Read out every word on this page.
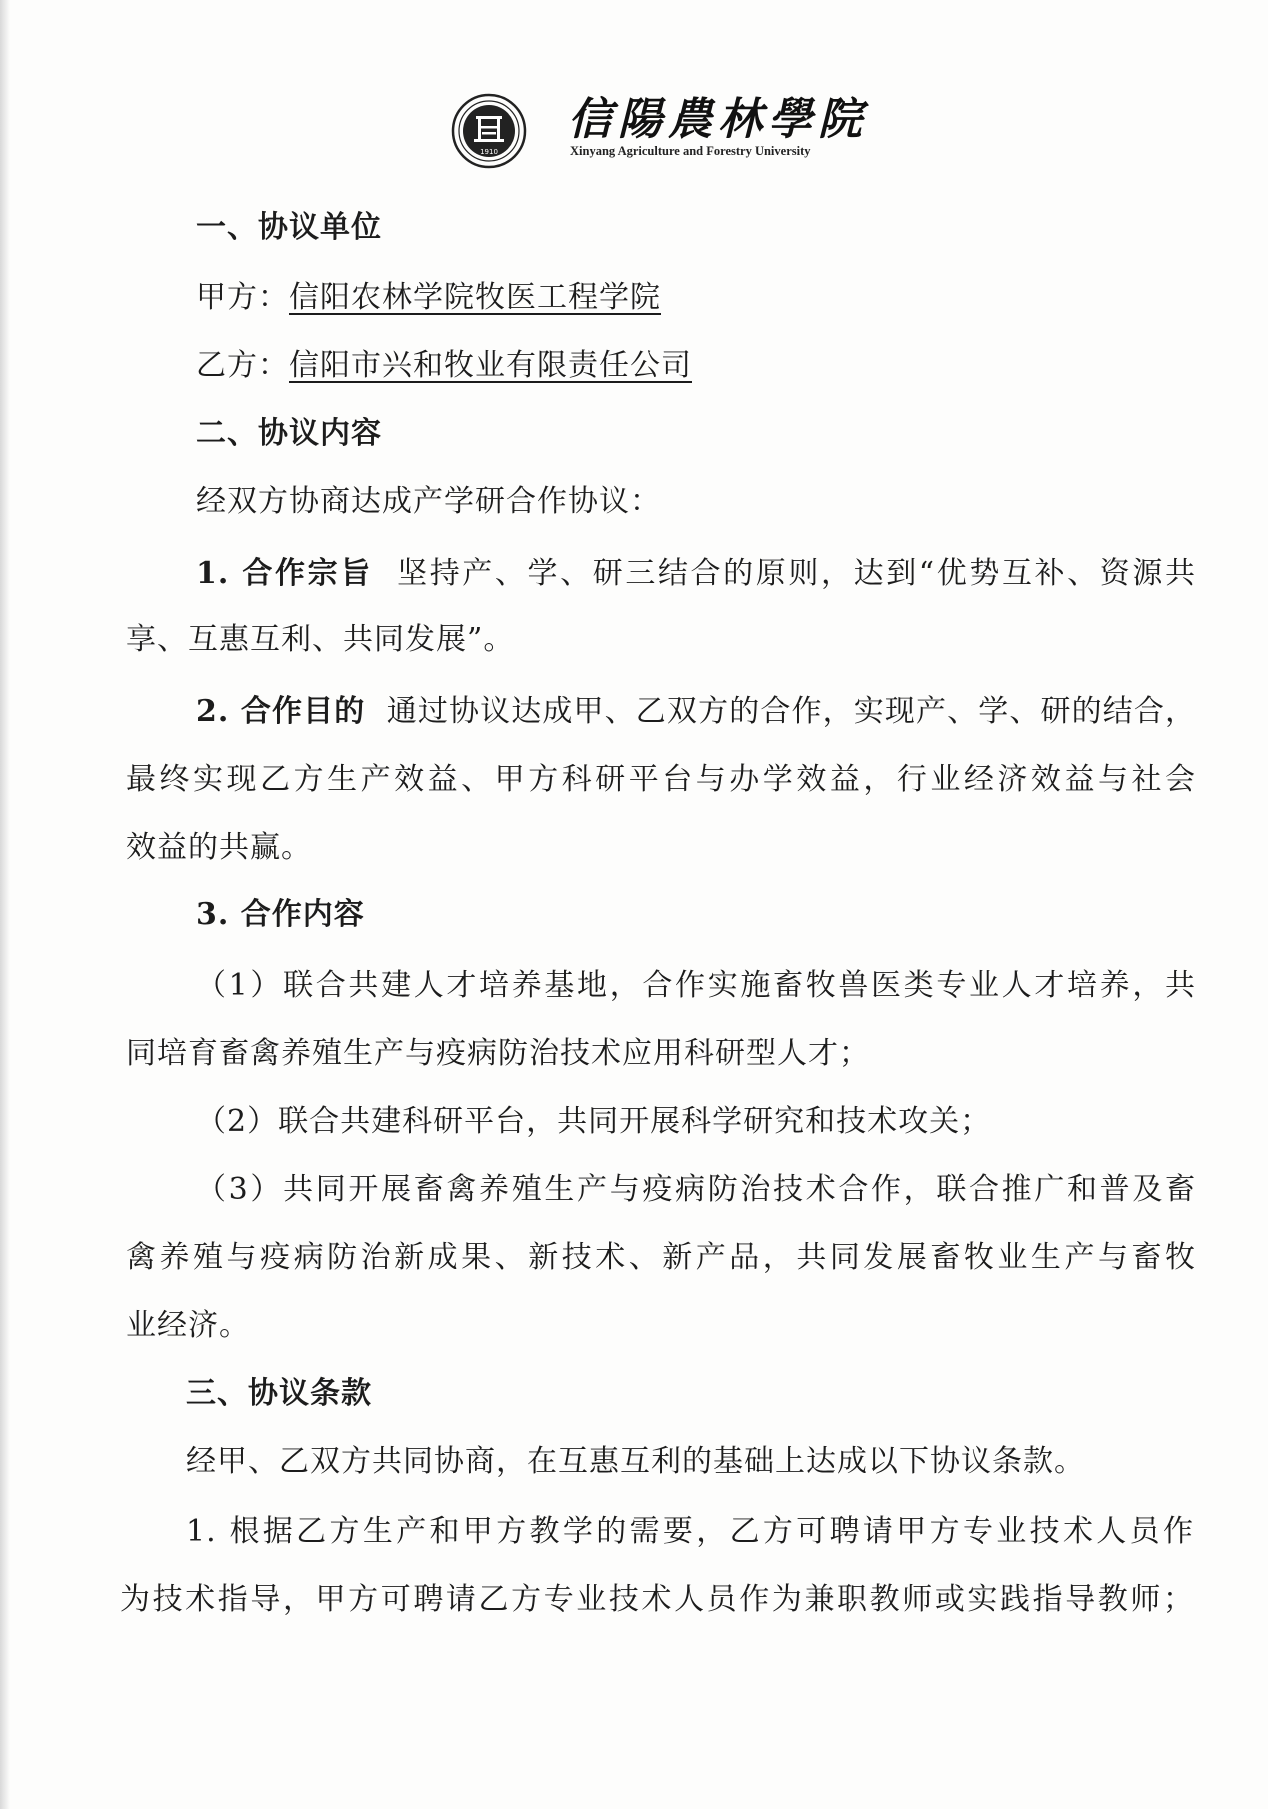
1910
信陽農林學院
Xinyang Agriculture and Forestry University
一、协议单位
甲方：信阳农林学院牧医工程学院
乙方：信阳市兴和牧业有限责任公司
二、协议内容
经双方协商达成产学研合作协议：
1. 合作宗旨 坚持产、学、研三结合的原则，达到“优势互补、资源共
享、互惠互利、共同发展”。
2. 合作目的 通过协议达成甲、乙双方的合作，实现产、学、研的结合，
最终实现乙方生产效益、甲方科研平台与办学效益，行业经济效益与社会
效益的共赢。
3. 合作内容
（1）联合共建人才培养基地，合作实施畜牧兽医类专业人才培养，共
同培育畜禽养殖生产与疫病防治技术应用科研型人才；
（2）联合共建科研平台，共同开展科学研究和技术攻关；
（3）共同开展畜禽养殖生产与疫病防治技术合作，联合推广和普及畜
禽养殖与疫病防治新成果、新技术、新产品，共同发展畜牧业生产与畜牧
业经济。
三、协议条款
经甲、乙双方共同协商，在互惠互利的基础上达成以下协议条款。
1. 根据乙方生产和甲方教学的需要，乙方可聘请甲方专业技术人员作
为技术指导，甲方可聘请乙方专业技术人员作为兼职教师或实践指导教师；
